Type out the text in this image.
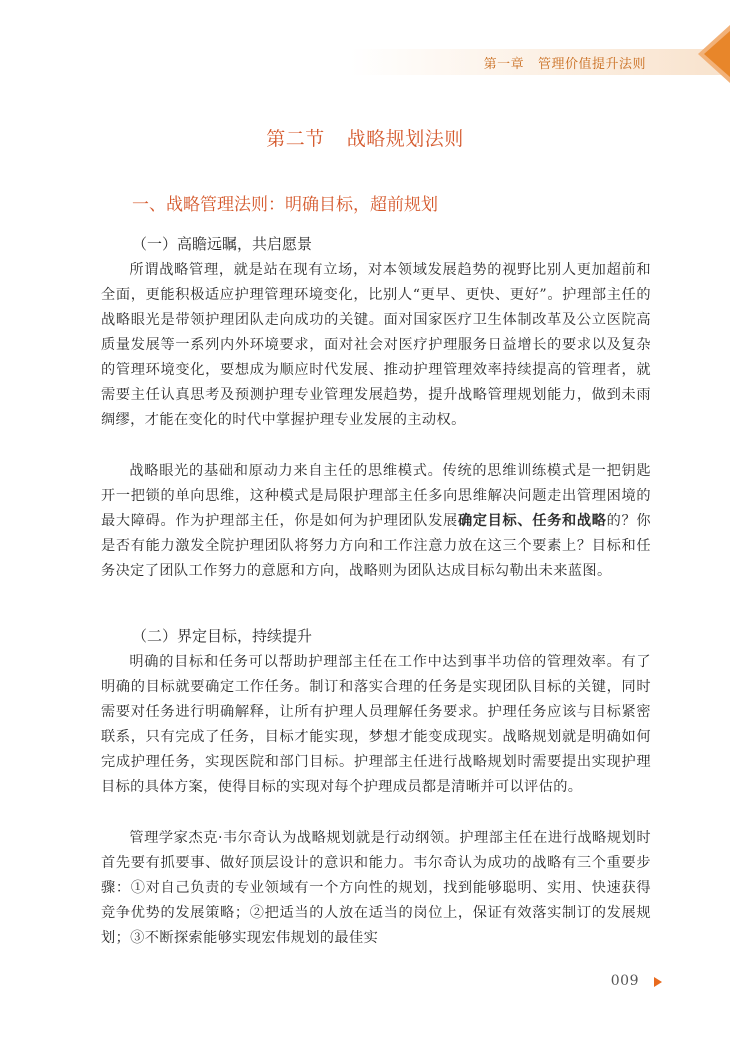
第一章 管理价值提升法则
第二节 战略规划法则
一、战略管理法则：明确目标，超前规划
（一）高瞻远瞩，共启愿景

所谓战略管理，就是站在现有立场，对本领域发展趋势的视野比别人更加超前和全面，更能积极适应护理管理环境变化，比别人“更早、更快、更好”。护理部主任的战略眼光是带领护理团队走向成功的关键。面对国家医疗卫生体制改革及公立医院高质量发展等一系列内外环境要求，面对社会对医疗护理服务日益增长的要求以及复杂的管理环境变化，要想成为顺应时代发展、推动护理管理效率持续提高的管理者，就需要主任认真思考及预测护理专业管理发展趋势，提升战略管理规划能力，做到未雨绸缪，才能在变化的时代中掌握护理专业发展的主动权。

战略眼光的基础和原动力来自主任的思维模式。传统的思维训练模式是一把钥匙开一把锁的单向思维，这种模式是局限护理部主任多向思维解决问题走出管理困境的最大障碍。作为护理部主任，你是如何为护理团队发展确定目标、任务和战略的？你是否有能力激发全院护理团队将努力方向和工作注意力放在这三个要素上？目标和任务决定了团队工作努力的意愿和方向，战略则为团队达成目标勾勒出未来蓝图。

（二）界定目标，持续提升

明确的目标和任务可以帮助护理部主任在工作中达到事半功倍的管理效率。有了明确的目标就要确定工作任务。制订和落实合理的任务是实现团队目标的关键，同时需要对任务进行明确解释，让所有护理人员理解任务要求。护理任务应该与目标紧密联系，只有完成了任务，目标才能实现，梦想才能变成现实。战略规划就是明确如何完成护理任务，实现医院和部门目标。护理部主任进行战略规划时需要提出实现护理目标的具体方案，使得目标的实现对每个护理成员都是清晰并可以评估的。

管理学家杰克·韦尔奇认为战略规划就是行动纲领。护理部主任在进行战略规划时首先要有抓要事、做好顶层设计的意识和能力。韦尔奇认为成功的战略有三个重要步骤：①对自己负责的专业领域有一个方向性的规划，找到能够聪明、实用、快速获得竞争优势的发展策略；②把适当的人放在适当的岗位上，保证有效落实制订的发展规划；③不断探索能够实现宏伟规划的最佳实

009
